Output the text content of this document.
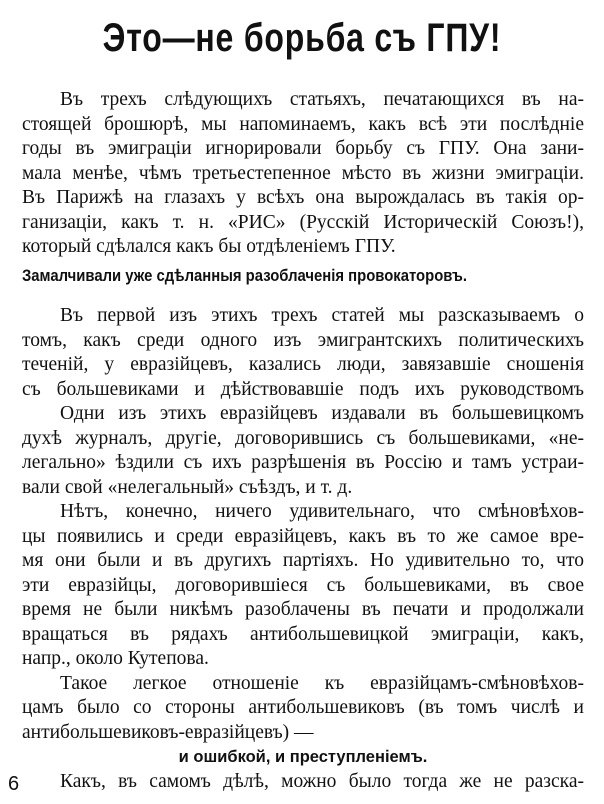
Это—не борьба съ ГПУ!
Въ трехъ слѣдующихъ статьяхъ, печатающихся въ на-
стоящей брошюрѣ, мы напоминаемъ, какъ всѣ эти послѣдніе
годы въ эмиграціи игнорировали борьбу съ ГПУ. Она зани-
мала менѣе, чѣмъ третьестепенное мѣсто въ жизни эмиграціи.
Въ Парижѣ на глазахъ у всѣхъ она вырождалась въ такія ор-
ганизаціи, какъ т. н. «РИС» (Русскій Историческій Союзъ!),
который сдѣлался какъ бы отдѣленіемъ ГПУ.
Замалчивали уже сдѣланныя разоблаченія провокаторовъ.
Въ первой изъ этихъ трехъ статей мы разсказываемъ о
томъ, какъ среди одного изъ эмигрантскихъ политическихъ
теченій, у евразійцевъ, казались люди, завязавшіе сношенія
съ большевиками и дѣйствовавшіе подъ ихъ руководствомъ
Одни изъ этихъ евразійцевъ издавали въ большевицкомъ
духѣ журналъ, другіе, договорившись съ большевиками, «не-
легально» ѣздили съ ихъ разрѣшенія въ Россію и тамъ устраи-
вали свой «нелегальный» съѣздъ, и т. д.
Нѣтъ, конечно, ничего удивительнаго, что смѣновѣхов-
цы появились и среди евразійцевъ, какъ въ то же самое вре-
мя они были и въ другихъ партіяхъ. Но удивительно то, что
эти евразійцы, договорившіеся съ большевиками, въ свое
время не были никѣмъ разоблачены въ печати и продолжали
вращаться въ рядахъ антибольшевицкой эмиграціи, какъ,
напр., около Кутепова.
Такое легкое отношеніе къ евразійцамъ-смѣновѣхов-
цамъ было со стороны антибольшевиковъ (въ томъ числѣ и
антибольшевиковъ-евразійцевъ) —
и ошибкой, и преступленіемъ.
Какъ, въ самомъ дѣлѣ, можно было тогда же не разска-
6
